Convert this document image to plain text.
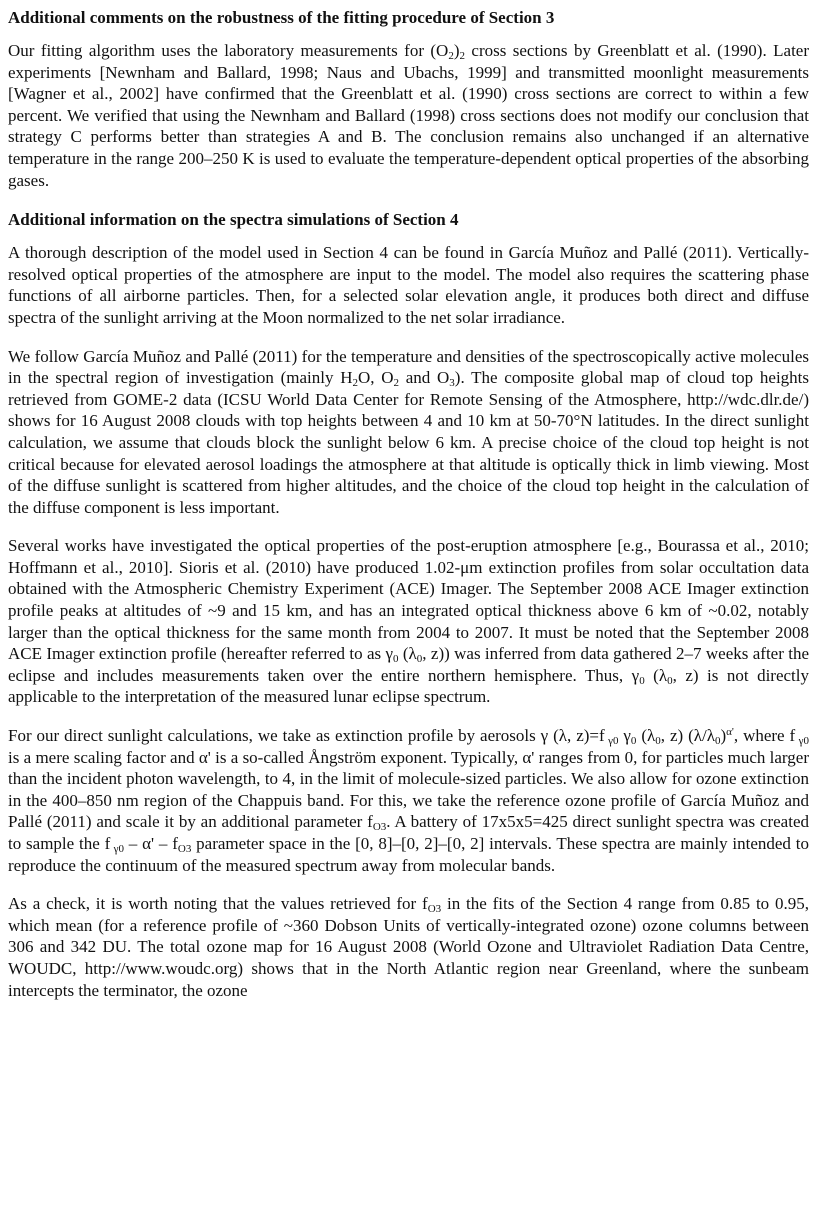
Additional comments on the robustness of the fitting procedure of Section 3

Our fitting algorithm uses the laboratory measurements for $(O_2)_2$ cross sections by Greenblatt et al. (1990). Later experiments [Newnham and Ballard, 1998; Naus and Ubachs, 1999] and transmitted moonlight measurements [Wagner et al., 2002] have confirmed that the Greenblatt et al. (1990) cross sections are correct to within a few percent. We verified that using the Newnham and Ballard (1998) cross sections does not modify our conclusion that strategy C performs better than strategies A and B. The conclusion remains also unchanged if an alternative temperature in the range 200–250 K is used to evaluate the temperature-dependent optical properties of the absorbing gases.

Additional information on the spectra simulations of Section 4

A thorough description of the model used in Section 4 can be found in García Muñoz and Pallé (2011). Vertically-resolved optical properties of the atmosphere are input to the model. The model also requires the scattering phase functions of all airborne particles. Then, for a selected solar elevation angle, it produces both direct and diffuse spectra of the sunlight arriving at the Moon normalized to the net solar irradiance.

We follow García Muñoz and Pallé (2011) for the temperature and densities of the spectroscopically active molecules in the spectral region of investigation (mainly $H_2O$, $O_2$ and $O_3$). The composite global map of cloud top heights retrieved from GOME-2 data (ICSU World Data Center for Remote Sensing of the Atmosphere, http://wdc.dlr.de/) shows for 16 August 2008 clouds with top heights between 4 and 10 km at 50-70°N latitudes. In the direct sunlight calculation, we assume that clouds block the sunlight below 6 km. A precise choice of the cloud top height is not critical because for elevated aerosol loadings the atmosphere at that altitude is optically thick in limb viewing. Most of the diffuse sunlight is scattered from higher altitudes, and the choice of the cloud top height in the calculation of the diffuse component is less important.

Several works have investigated the optical properties of the post-eruption atmosphere [e.g., Bourassa et al., 2010; Hoffmann et al., 2010]. Sioris et al. (2010) have produced 1.02-μm extinction profiles from solar occultation data obtained with the Atmospheric Chemistry Experiment (ACE) Imager. The September 2008 ACE Imager extinction profile peaks at altitudes of ~9 and 15 km, and has an integrated optical thickness above 6 km of ~0.02, notably larger than the optical thickness for the same month from 2004 to 2007. It must be noted that the September 2008 ACE Imager extinction profile (hereafter referred to as $\gamma_0$ ($\lambda_0$, z)) was inferred from data gathered 2–7 weeks after the eclipse and includes measurements taken over the entire northern hemisphere. Thus, $\gamma_0$ ($\lambda_0$, z) is not directly applicable to the interpretation of the measured lunar eclipse spectrum.

For our direct sunlight calculations, we take as extinction profile by aerosols γ (λ, z)=f $_{\gamma 0}$ $\gamma_0$ ($\lambda_0$, z) $(\lambda/\lambda_0)^{\alpha'}$, where f $_{\gamma 0}$ is a mere scaling factor and α' is a so-called Ångström exponent. Typically, α' ranges from 0, for particles much larger than the incident photon wavelength, to 4, in the limit of molecule-sized particles. We also allow for ozone extinction in the 400–850 nm region of the Chappuis band. For this, we take the reference ozone profile of García Muñoz and Pallé (2011) and scale it by an additional parameter $f_{O3}$. A battery of 17x5x5=425 direct sunlight spectra was created to sample the f $_{\gamma 0}$ – α' – $f_{O3}$ parameter space in the [0, 8]–[0, 2]–[0, 2] intervals. These spectra are mainly intended to reproduce the continuum of the measured spectrum away from molecular bands.

As a check, it is worth noting that the values retrieved for $f_{O3}$ in the fits of the Section 4 range from 0.85 to 0.95, which mean (for a reference profile of ~360 Dobson Units of vertically-integrated ozone) ozone columns between 306 and 342 DU. The total ozone map for 16 August 2008 (World Ozone and Ultraviolet Radiation Data Centre, WOUDC, http://www.woudc.org) shows that in the North Atlantic region near Greenland, where the sunbeam intercepts the terminator, the ozone
